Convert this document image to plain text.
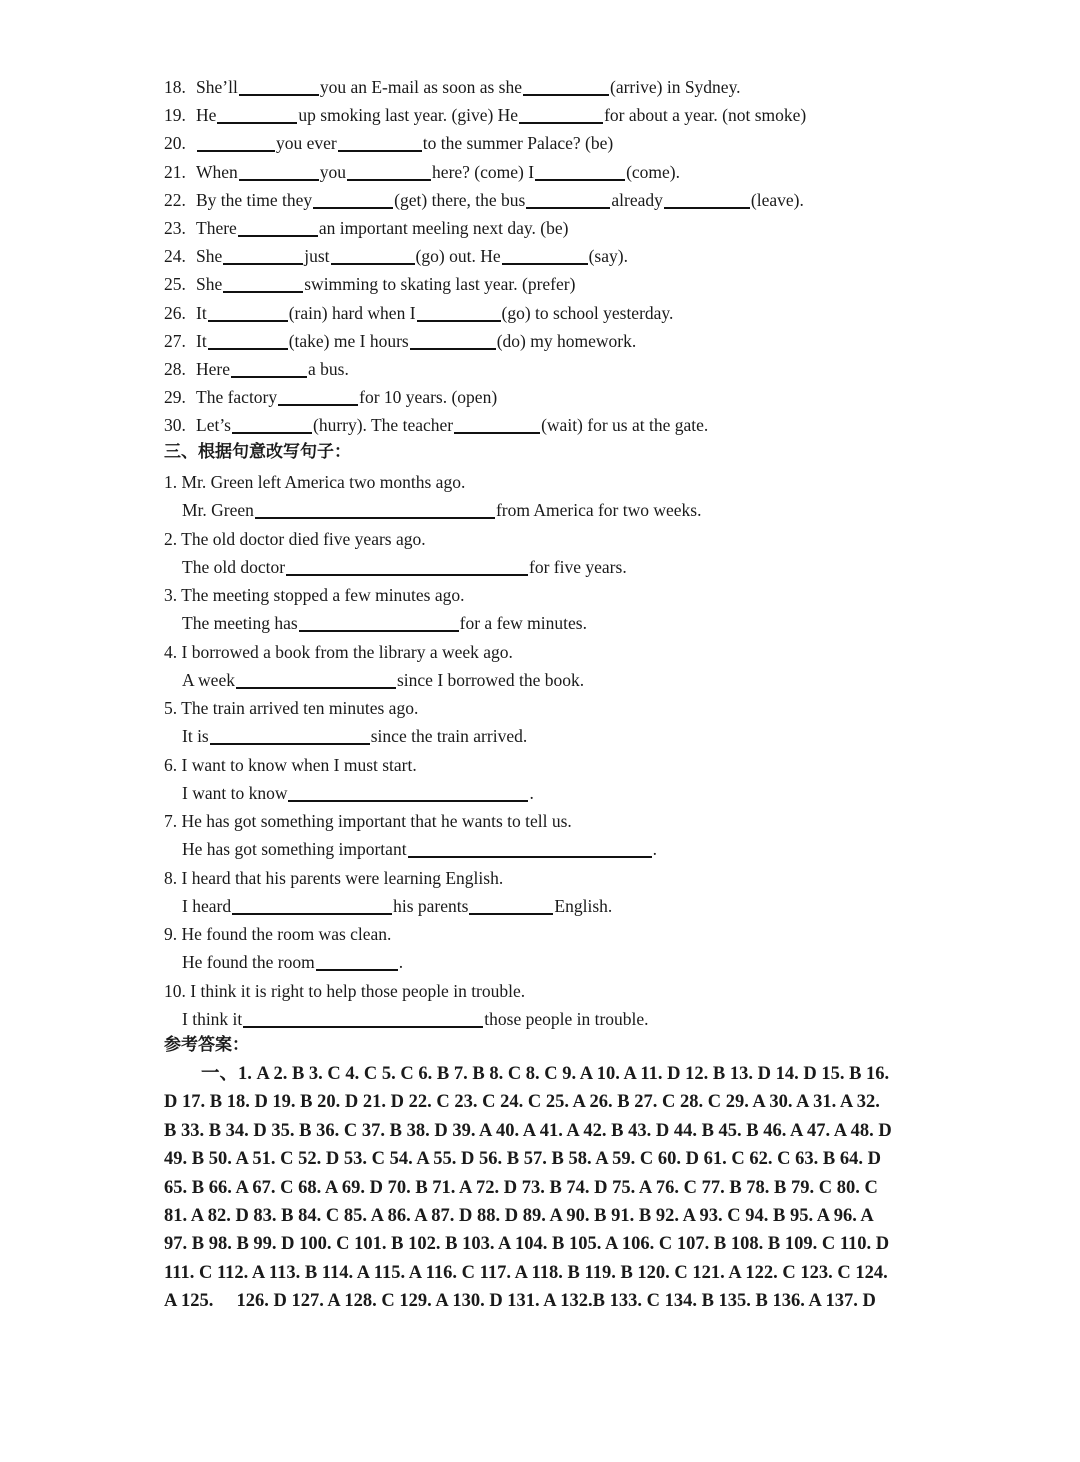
18. She’ll	you an E-mail as soon as she	(arrive) in Sydney.
19. He	up smoking last year. (give) He	for about a year. (not smoke)
20.	you ever	to the summer Palace? (be)
21. When	you	here? (come) I	(come).
22. By the time they	(get) there, the bus	already	(leave).
23. There	an important meeling next day. (be)
24. She	just	(go) out. He	(say).
25. She	swimming to skating last year. (prefer)
26. It	(rain) hard when I	(go) to school yesterday.
27. It	(take) me I hours	(do) my homework.
28. Here	a bus.
29. The factory	for 10 years. (open)
30. Let’s	(hurry). The teacher	(wait) for us at the gate.
三、根据句意改写句子：
1. Mr. Green left America two months ago.
Mr. Green	from America for two weeks.
2. The old doctor died five years ago.
The old doctor	for five years.
3. The meeting stopped a few minutes ago.
The meeting has	for a few minutes.
4. I borrowed a book from the library a week ago.
A week	since I borrowed the book.
5. The train arrived ten minutes ago.
It is	since the train arrived.
6. I want to know when I must start.
I want to know	.
7. He has got something important that he wants to tell us.
He has got something important	.
8. I heard that his parents were learning English.
I heard	his parents	English.
9. He found the room was clean.
He found the room	.
10. I think it is right to help those people in trouble.
I think it	those people in trouble.
参考答案：
　　一、1. A 2. B 3. C 4. C 5. C 6. B 7. B 8. C 8. C 9. A 10. A 11. D 12. B 13. D 14. D 15. B 16.
D 17. B 18. D 19. B 20. D 21. D 22. C 23. C 24. C 25. A 26. B 27. C 28. C 29. A 30. A 31. A 32.
B 33. B 34. D 35. B 36. C 37. B 38. D 39. A 40. A 41. A 42. B 43. D 44. B 45. B 46. A 47. A 48. D
49. B 50. A 51. C 52. D 53. C 54. A 55. D 56. B 57. B 58. A 59. C 60. D 61. C 62. C 63. B 64. D
65. B 66. A 67. C 68. A 69. D 70. B 71. A 72. D 73. B 74. D 75. A 76. C 77. B 78. B 79. C 80. C
81. A 82. D 83. B 84. C 85. A 86. A 87. D 88. D 89. A 90. B 91. B 92. A 93. C 94. B 95. A 96. A
97. B 98. B 99. D 100. C 101. B 102. B 103. A 104. B 105. A 106. C 107. B 108. B 109. C 110. D
111. C 112. A 113. B 114. A 115. A 116. C 117. A 118. B 119. B 120. C 121. A 122. C 123. C 124.
A 125.　 126. D 127. A 128. C 129. A 130. D 131. A 132.B 133. C 134. B 135. B 136. A 137. D
